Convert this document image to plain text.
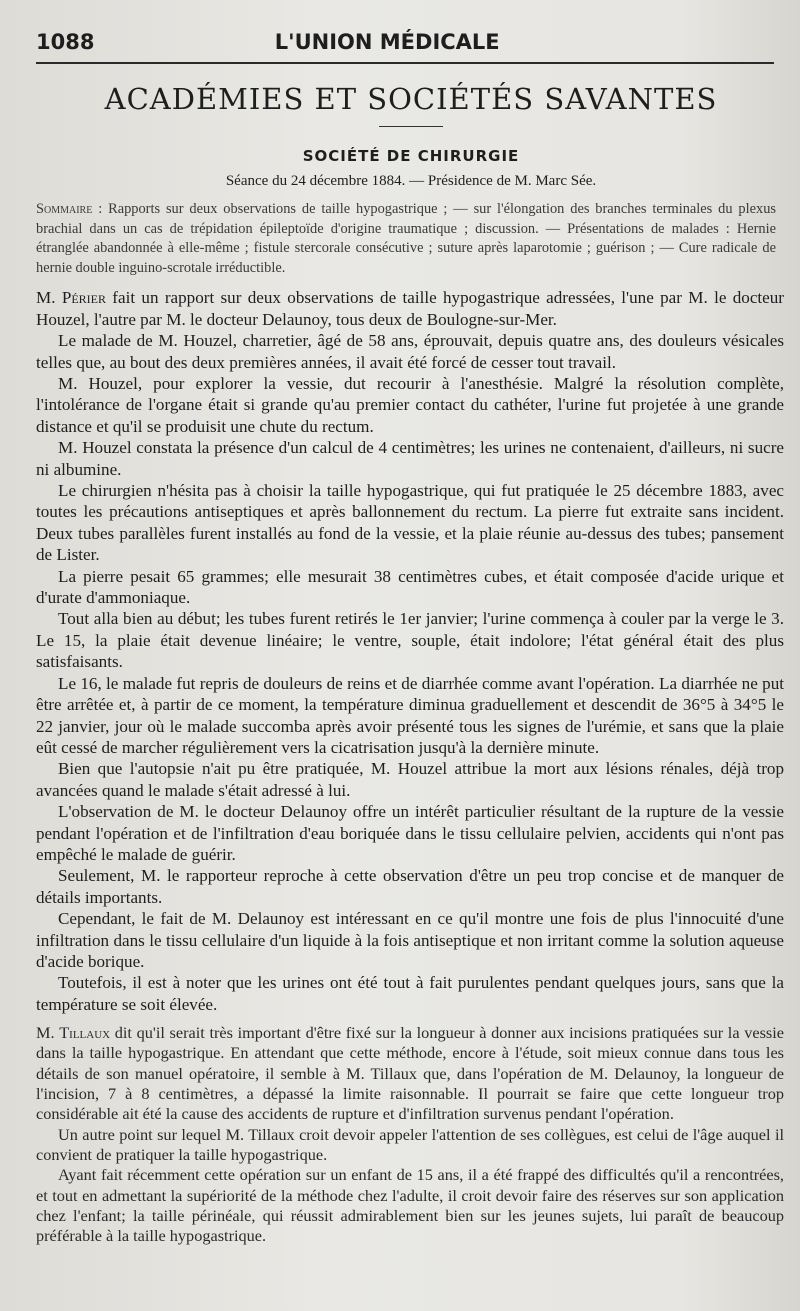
1088	L'UNION MÉDICALE
ACADÉMIES ET SOCIÉTÉS SAVANTES
SOCIÉTÉ DE CHIRURGIE
Séance du 24 décembre 1884. — Présidence de M. Marc Sée.
Sommaire : Rapports sur deux observations de taille hypogastrique ; — sur l'élongation des branches terminales du plexus brachial dans un cas de trépidation épileptoïde d'origine traumatique ; discussion. — Présentations de malades : Hernie étranglée abandonnée à elle-même ; fistule stercorale consécutive ; suture après laparotomie ; guérison ; — Cure radicale de hernie double inguino-scrotale irréductible.

M. Périer fait un rapport sur deux observations de taille hypogastrique adressées, l'une par M. le docteur Houzel, l'autre par M. le docteur Delaunoy, tous deux de Boulogne-sur-Mer.

Le malade de M. Houzel, charretier, âgé de 58 ans, éprouvait, depuis quatre ans, des douleurs vésicales telles que, au bout des deux premières années, il avait été forcé de cesser tout travail.

M. Houzel, pour explorer la vessie, dut recourir à l'anesthésie. Malgré la résolution complète, l'intolérance de l'organe était si grande qu'au premier contact du cathéter, l'urine fut projetée à une grande distance et qu'il se produisit une chute du rectum.

M. Houzel constata la présence d'un calcul de 4 centimètres; les urines ne contenaient, d'ailleurs, ni sucre ni albumine.

Le chirurgien n'hésita pas à choisir la taille hypogastrique, qui fut pratiquée le 25 décembre 1883, avec toutes les précautions antiseptiques et après ballonnement du rectum. La pierre fut extraite sans incident. Deux tubes parallèles furent installés au fond de la vessie, et la plaie réunie au-dessus des tubes; pansement de Lister.

La pierre pesait 65 grammes; elle mesurait 38 centimètres cubes, et était composée d'acide urique et d'urate d'ammoniaque.

Tout alla bien au début; les tubes furent retirés le 1er janvier; l'urine commença à couler par la verge le 3. Le 15, la plaie était devenue linéaire; le ventre, souple, était indolore; l'état général était des plus satisfaisants.

Le 16, le malade fut repris de douleurs de reins et de diarrhée comme avant l'opération. La diarrhée ne put être arrêtée et, à partir de ce moment, la température diminua graduellement et descendit de 36°5 à 34°5 le 22 janvier, jour où le malade succomba après avoir présenté tous les signes de l'urémie, et sans que la plaie eût cessé de marcher régulièrement vers la cicatrisation jusqu'à la dernière minute.

Bien que l'autopsie n'ait pu être pratiquée, M. Houzel attribue la mort aux lésions rénales, déjà trop avancées quand le malade s'était adressé à lui.

L'observation de M. le docteur Delaunoy offre un intérêt particulier résultant de la rupture de la vessie pendant l'opération et de l'infiltration d'eau boriquée dans le tissu cellulaire pelvien, accidents qui n'ont pas empêché le malade de guérir.

Seulement, M. le rapporteur reproche à cette observation d'être un peu trop concise et de manquer de détails importants.

Cependant, le fait de M. Delaunoy est intéressant en ce qu'il montre une fois de plus l'innocuité d'une infiltration dans le tissu cellulaire d'un liquide à la fois antiseptique et non irritant comme la solution aqueuse d'acide borique.

Toutefois, il est à noter que les urines ont été tout à fait purulentes pendant quelques jours, sans que la température se soit élevée.

M. Tillaux dit qu'il serait très important d'être fixé sur la longueur à donner aux incisions pratiquées sur la vessie dans la taille hypogastrique. En attendant que cette méthode, encore à l'étude, soit mieux connue dans tous les détails de son manuel opératoire, il semble à M. Tillaux que, dans l'opération de M. Delaunoy, la longueur de l'incision, 7 à 8 centimètres, a dépassé la limite raisonnable. Il pourrait se faire que cette longueur trop considérable ait été la cause des accidents de rupture et d'infiltration survenus pendant l'opération.

Un autre point sur lequel M. Tillaux croit devoir appeler l'attention de ses collègues, est celui de l'âge auquel il convient de pratiquer la taille hypogastrique.

Ayant fait récemment cette opération sur un enfant de 15 ans, il a été frappé des difficultés qu'il a rencontrées, et tout en admettant la supériorité de la méthode chez l'adulte, il croit devoir faire des réserves sur son application chez l'enfant; la taille périnéale, qui réussit admirablement bien sur les jeunes sujets, lui paraît de beaucoup préférable à la taille hypogastrique.
